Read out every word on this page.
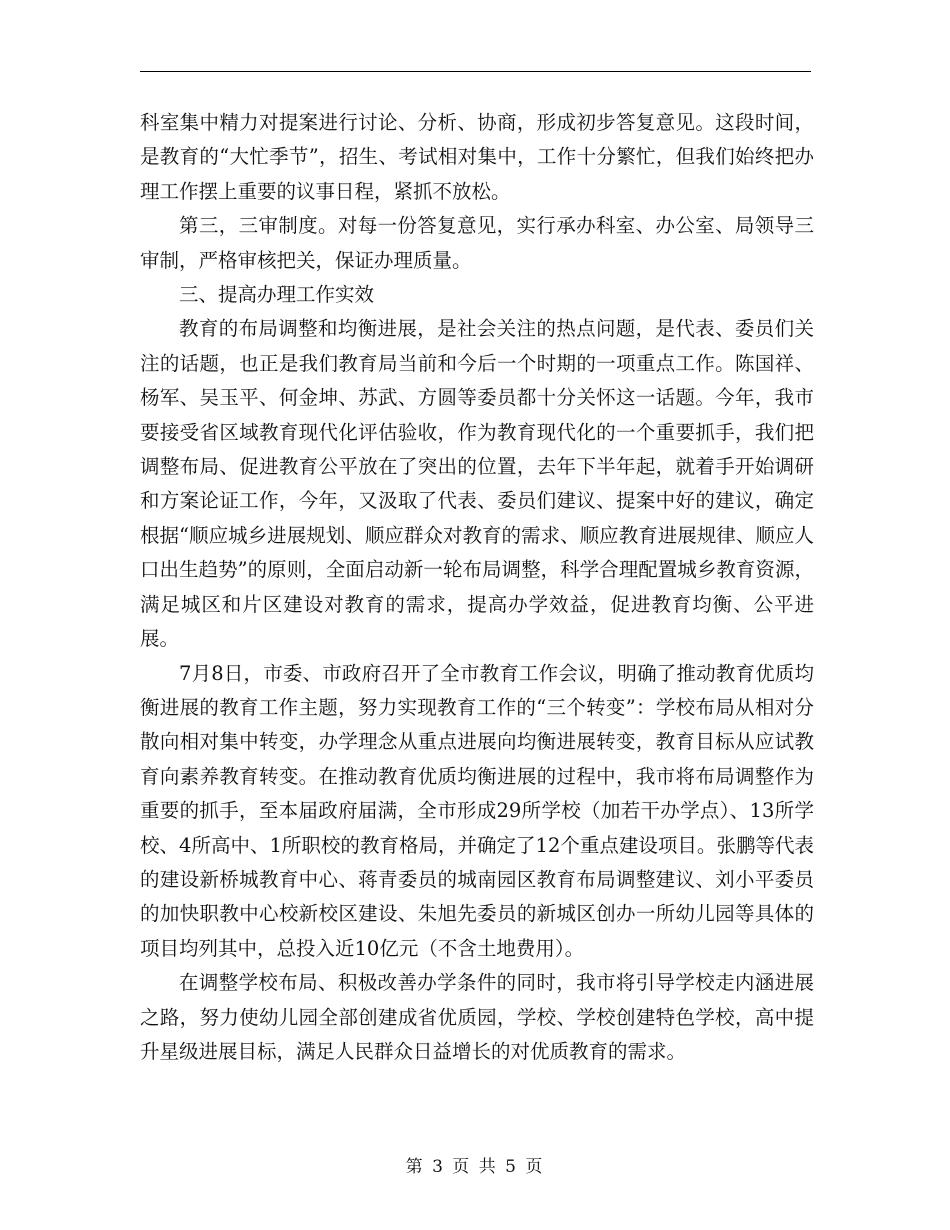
科室集中精力对提案进行讨论、分析、协商，形成初步答复意见。这段时间，是教育的“大忙季节”，招生、考试相对集中，工作十分繁忙，但我们始终把办理工作摆上重要的议事日程，紧抓不放松。

第三，三审制度。对每一份答复意见，实行承办科室、办公室、局领导三审制，严格审核把关，保证办理质量。

三、提高办理工作实效

教育的布局调整和均衡进展，是社会关注的热点问题，是代表、委员们关注的话题，也正是我们教育局当前和今后一个时期的一项重点工作。陈国祥、杨军、吴玉平、何金坤、苏武、方圆等委员都十分关怀这一话题。今年，我市要接受省区域教育现代化评估验收，作为教育现代化的一个重要抓手，我们把调整布局、促进教育公平放在了突出的位置，去年下半年起，就着手开始调研和方案论证工作，今年，又汲取了代表、委员们建议、提案中好的建议，确定根据“顺应城乡进展规划、顺应群众对教育的需求、顺应教育进展规律、顺应人口出生趋势”的原则，全面启动新一轮布局调整，科学合理配置城乡教育资源，满足城区和片区建设对教育的需求，提高办学效益，促进教育均衡、公平进展。

7月8日，市委、市政府召开了全市教育工作会议，明确了推动教育优质均衡进展的教育工作主题，努力实现教育工作的“三个转变”：学校布局从相对分散向相对集中转变，办学理念从重点进展向均衡进展转变，教育目标从应试教育向素养教育转变。在推动教育优质均衡进展的过程中，我市将布局调整作为重要的抓手，至本届政府届满，全市形成29所学校（加若干办学点）、13所学校、4所高中、1所职校的教育格局，并确定了12个重点建设项目。张鹏等代表的建设新桥城教育中心、蒋青委员的城南园区教育布局调整建议、刘小平委员的加快职教中心校新校区建设、朱旭先委员的新城区创办一所幼儿园等具体的项目均列其中，总投入近10亿元（不含土地费用）。

在调整学校布局、积极改善办学条件的同时，我市将引导学校走内涵进展之路，努力使幼儿园全部创建成省优质园，学校、学校创建特色学校，高中提升星级进展目标，满足人民群众日益增长的对优质教育的需求。

第 3 页 共 5 页
